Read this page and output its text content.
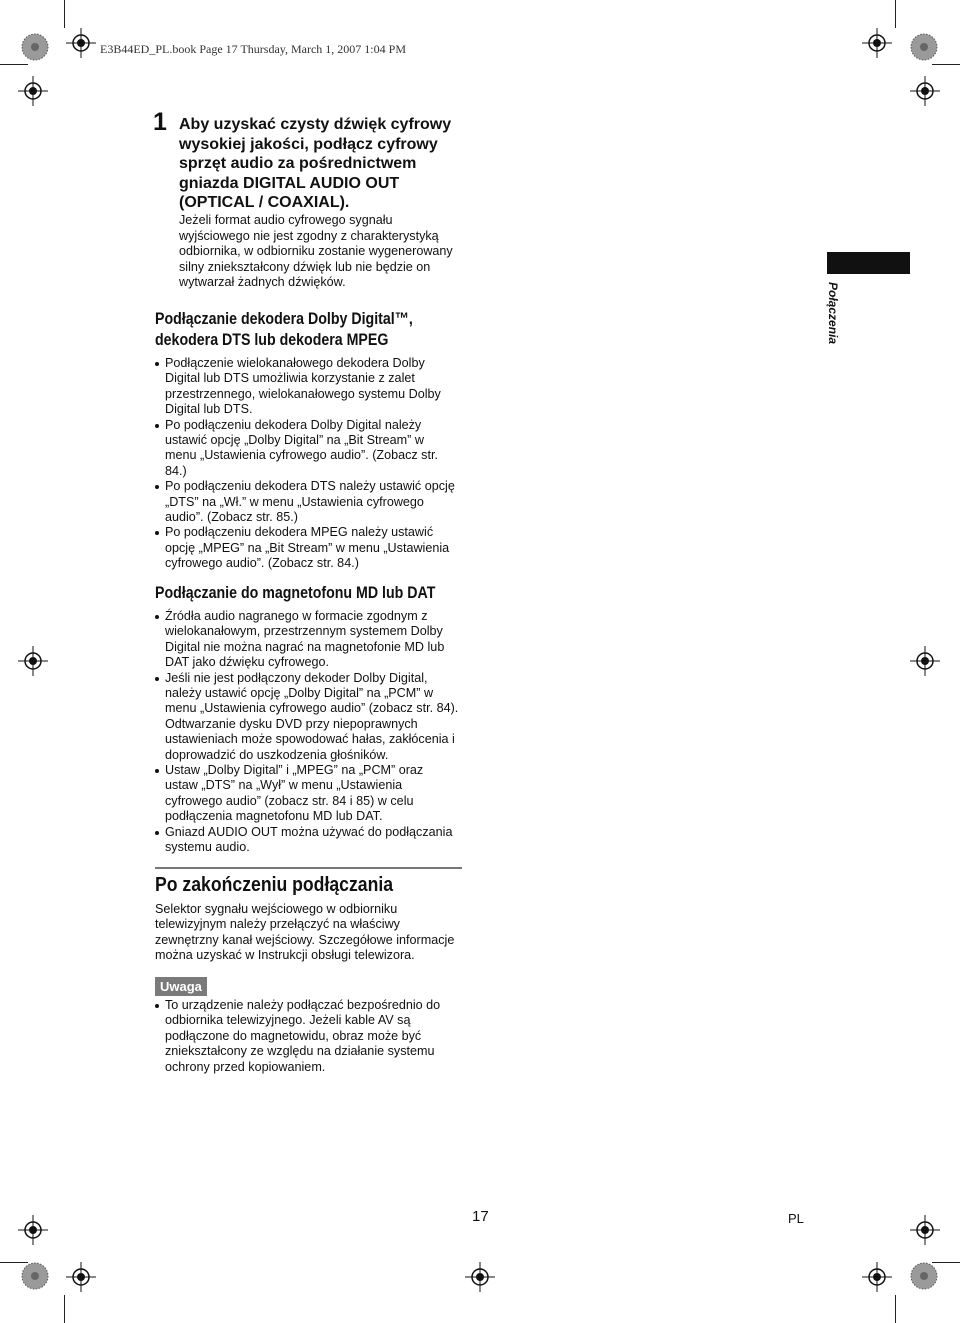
E3B44ED_PL.book Page 17 Thursday, March 1, 2007 1:04 PM
Połączenia
1 Aby uzyskać czysty dźwięk cyfrowy
wysokiej jakości, podłącz cyfrowy
sprzęt audio za pośrednictwem
gniazda DIGITAL AUDIO OUT
(OPTICAL / COAXIAL).
Jeżeli format audio cyfrowego sygnału
wyjściowego nie jest zgodny z charakterystyką
odbiornika, w odbiorniku zostanie wygenerowany
silny zniekształcony dźwięk lub nie będzie on
wytwarzał żadnych dźwięków.
Podłączanie dekodera Dolby Digital™,
dekodera DTS lub dekodera MPEG
Podłączenie wielokanałowego dekodera Dolby
Digital lub DTS umożliwia korzystanie z zalet
przestrzennego, wielokanałowego systemu Dolby
Digital lub DTS.
Po podłączeniu dekodera Dolby Digital należy
ustawić opcję „Dolby Digital” na „Bit Stream” w
menu „Ustawienia cyfrowego audio”. (Zobacz str.
84.)
Po podłączeniu dekodera DTS należy ustawić opcję
„DTS” na „Wł.” w menu „Ustawienia cyfrowego
audio”. (Zobacz str. 85.)
Po podłączeniu dekodera MPEG należy ustawić
opcję „MPEG” na „Bit Stream” w menu „Ustawienia
cyfrowego audio”. (Zobacz str. 84.)
Podłączanie do magnetofonu MD lub DAT
Źródła audio nagranego w formacie zgodnym z
wielokanałowym, przestrzennym systemem Dolby
Digital nie można nagrać na magnetofonie MD lub
DAT jako dźwięku cyfrowego.
Jeśli nie jest podłączony dekoder Dolby Digital,
należy ustawić opcję „Dolby Digital” na „PCM” w
menu „Ustawienia cyfrowego audio” (zobacz str. 84).
Odtwarzanie dysku DVD przy niepoprawnych
ustawieniach może spowodować hałas, zakłócenia i
doprowadzić do uszkodzenia głośników.
Ustaw „Dolby Digital” i „MPEG” na „PCM” oraz
ustaw „DTS” na „Wył” w menu „Ustawienia
cyfrowego audio” (zobacz str. 84 i 85) w celu
podłączenia magnetofonu MD lub DAT.
Gniazd AUDIO OUT można używać do podłączania
systemu audio.
Po zakończeniu podłączania
Selektor sygnału wejściowego w odbiorniku
telewizyjnym należy przełączyć na właściwy
zewnętrzny kanał wejściowy. Szczegółowe informacje
można uzyskać w Instrukcji obsługi telewizora.
Uwaga
To urządzenie należy podłączać bezpośrednio do
odbiornika telewizyjnego. Jeżeli kable AV są
podłączone do magnetowidu, obraz może być
zniekształcony ze względu na działanie systemu
ochrony przed kopiowaniem.
17	PL
